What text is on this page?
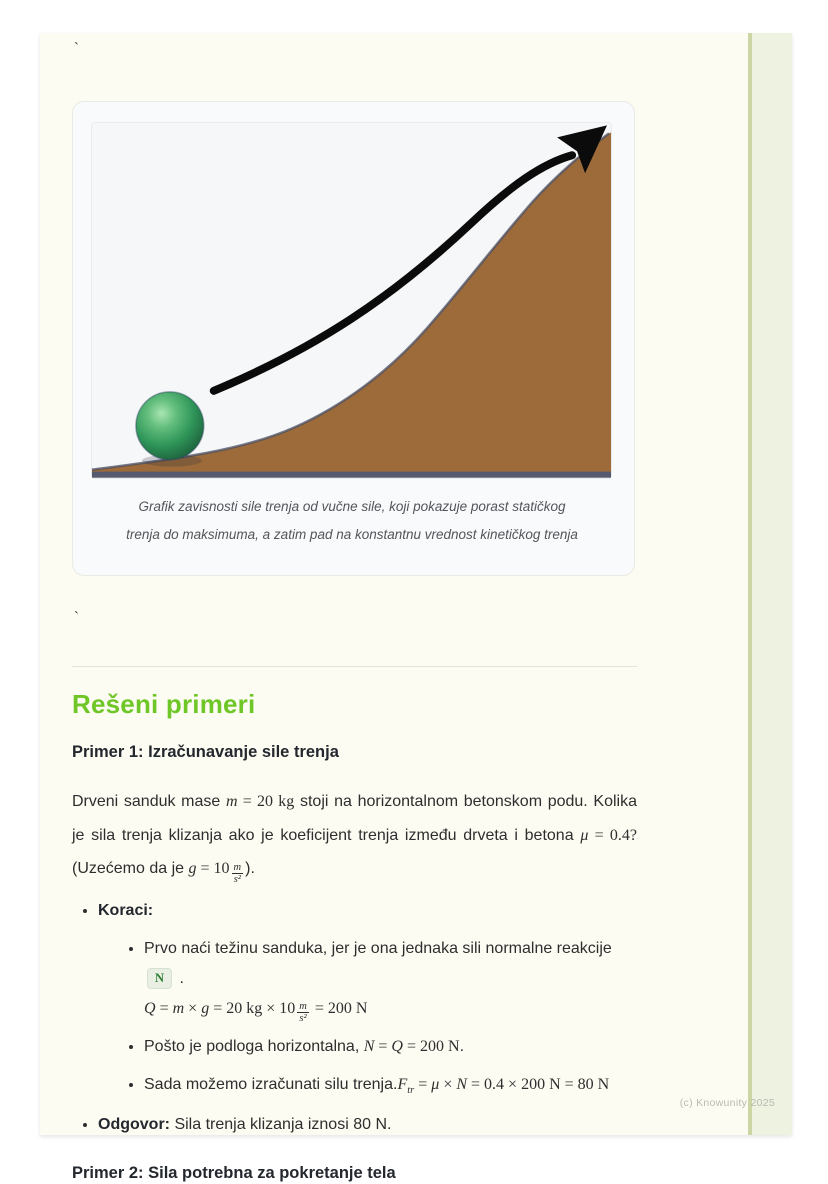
`
Grafik zavisnosti sile trenja od vučne sile, koji pokazuje porast statičkog
trenja do maksimuma, a zatim pad na konstantnu vrednost kinetičkog trenja
`
Rešeni primeri
Primer 1: Izračunavanje sile trenja
Drveni sanduk mase m = 20 kg stoji na horizontalnom betonskom podu. Kolika
je sila trenja klizanja ako je koeficijent trenja između drveta i betona μ = 0.4?
(Uzećemo da je $g = 10 \frac{m}{\text{s²}}$ ).
• Koraci:
• Prvo naći težinu sanduka, jer je ona jednaka sili normalne reakcije N .
Q = m × g = 20 kg × $10 \frac{m}{\text{s²}} = 200$ N
• Pošto je podloga horizontalna, N = Q = 200 N.
• Sada možemo izračunati silu $trenja.F_{tr} = \mu \times N = 0.4 \times 200$ N = 80 N
• Odgovor: Sila trenja klizanja iznosi 80 N.
Primer 2: Sila potrebna za pokretanje tela
(c) Knowunity 2025
